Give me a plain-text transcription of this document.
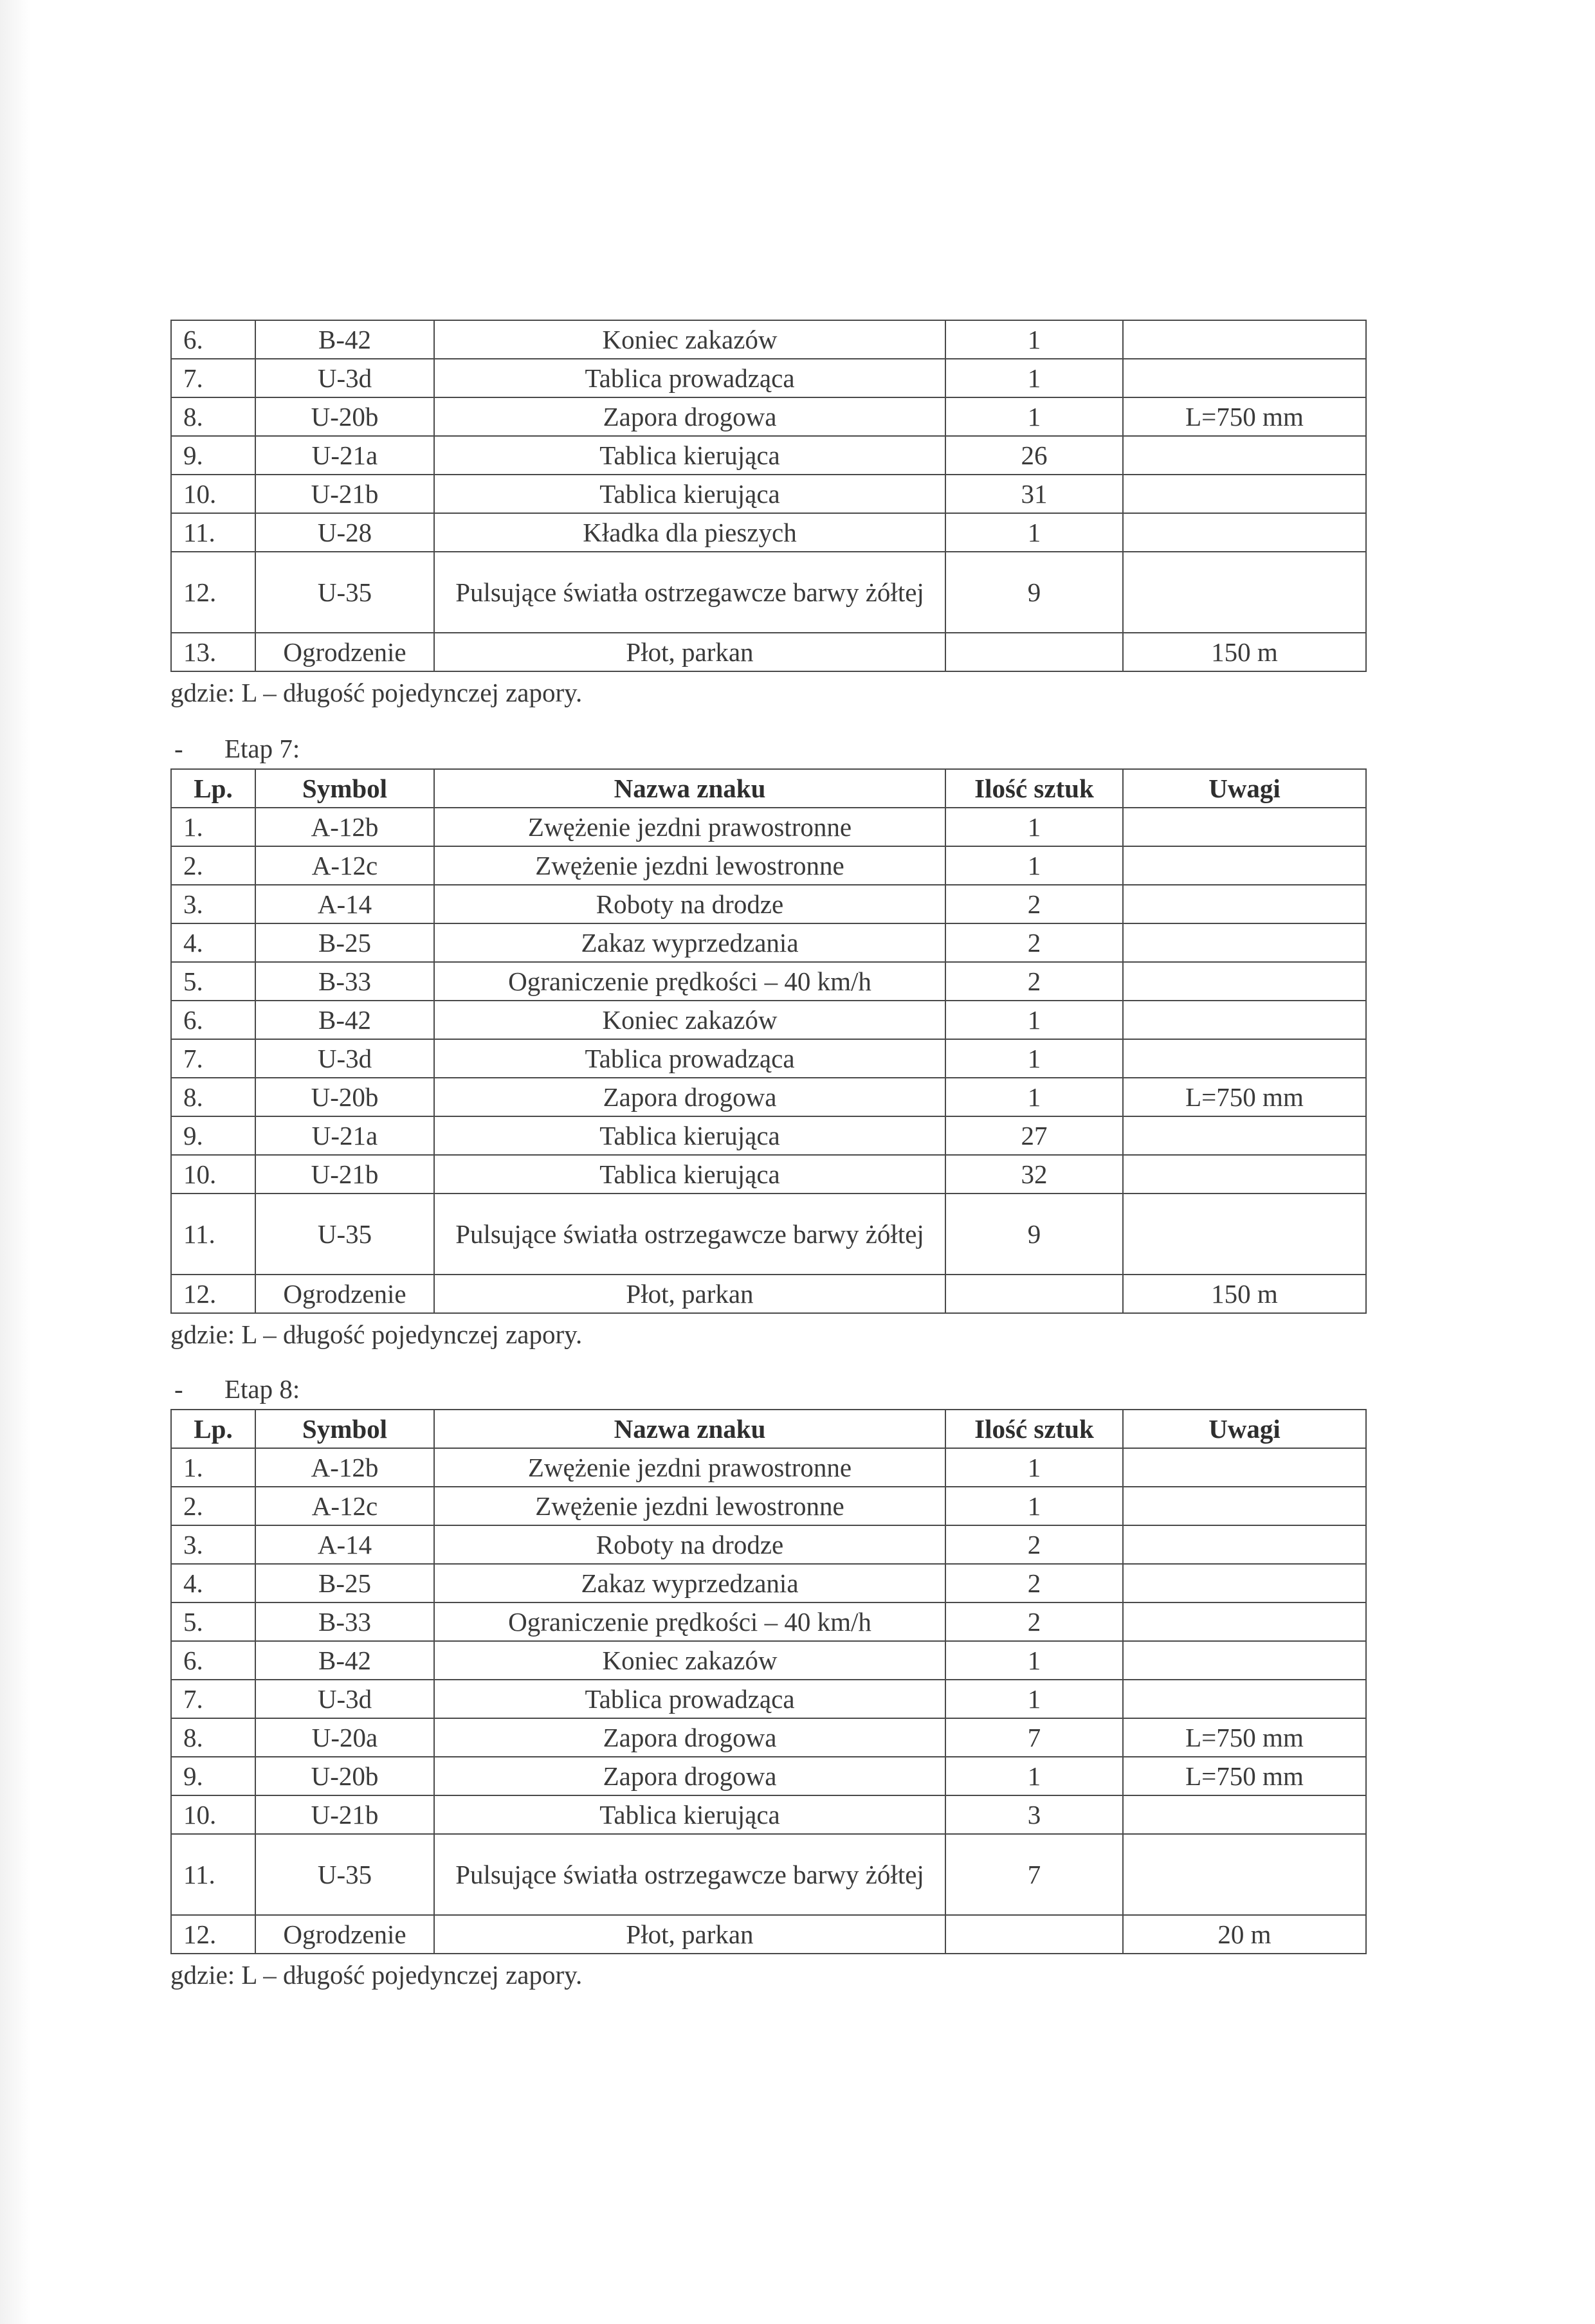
6.	B-42	Koniec zakazów	1	
7.	U-3d	Tablica prowadząca	1	
8.	U-20b	Zapora drogowa	1	L=750 mm
9.	U-21a	Tablica kierująca	26	
10.	U-21b	Tablica kierująca	31	
11.	U-28	Kładka dla pieszych	1	
12.	U-35	Pulsujące światła ostrzegawcze barwy żółtej	9	
13.	Ogrodzenie	Płot, parkan		150 m
gdzie: L – długość pojedynczej zapory.
- Etap 7:
Lp.	Symbol	Nazwa znaku	Ilość sztuk	Uwagi
1.	A-12b	Zwężenie jezdni prawostronne	1	
2.	A-12c	Zwężenie jezdni lewostronne	1	
3.	A-14	Roboty na drodze	2	
4.	B-25	Zakaz wyprzedzania	2	
5.	B-33	Ograniczenie prędkości – 40 km/h	2	
6.	B-42	Koniec zakazów	1	
7.	U-3d	Tablica prowadząca	1	
8.	U-20b	Zapora drogowa	1	L=750 mm
9.	U-21a	Tablica kierująca	27	
10.	U-21b	Tablica kierująca	32	
11.	U-35	Pulsujące światła ostrzegawcze barwy żółtej	9	
12.	Ogrodzenie	Płot, parkan		150 m
gdzie: L – długość pojedynczej zapory.
- Etap 8:
Lp.	Symbol	Nazwa znaku	Ilość sztuk	Uwagi
1.	A-12b	Zwężenie jezdni prawostronne	1	
2.	A-12c	Zwężenie jezdni lewostronne	1	
3.	A-14	Roboty na drodze	2	
4.	B-25	Zakaz wyprzedzania	2	
5.	B-33	Ograniczenie prędkości – 40 km/h	2	
6.	B-42	Koniec zakazów	1	
7.	U-3d	Tablica prowadząca	1	
8.	U-20a	Zapora drogowa	7	L=750 mm
9.	U-20b	Zapora drogowa	1	L=750 mm
10.	U-21b	Tablica kierująca	3	
11.	U-35	Pulsujące światła ostrzegawcze barwy żółtej	7	
12.	Ogrodzenie	Płot, parkan		20 m
gdzie: L – długość pojedynczej zapory.
